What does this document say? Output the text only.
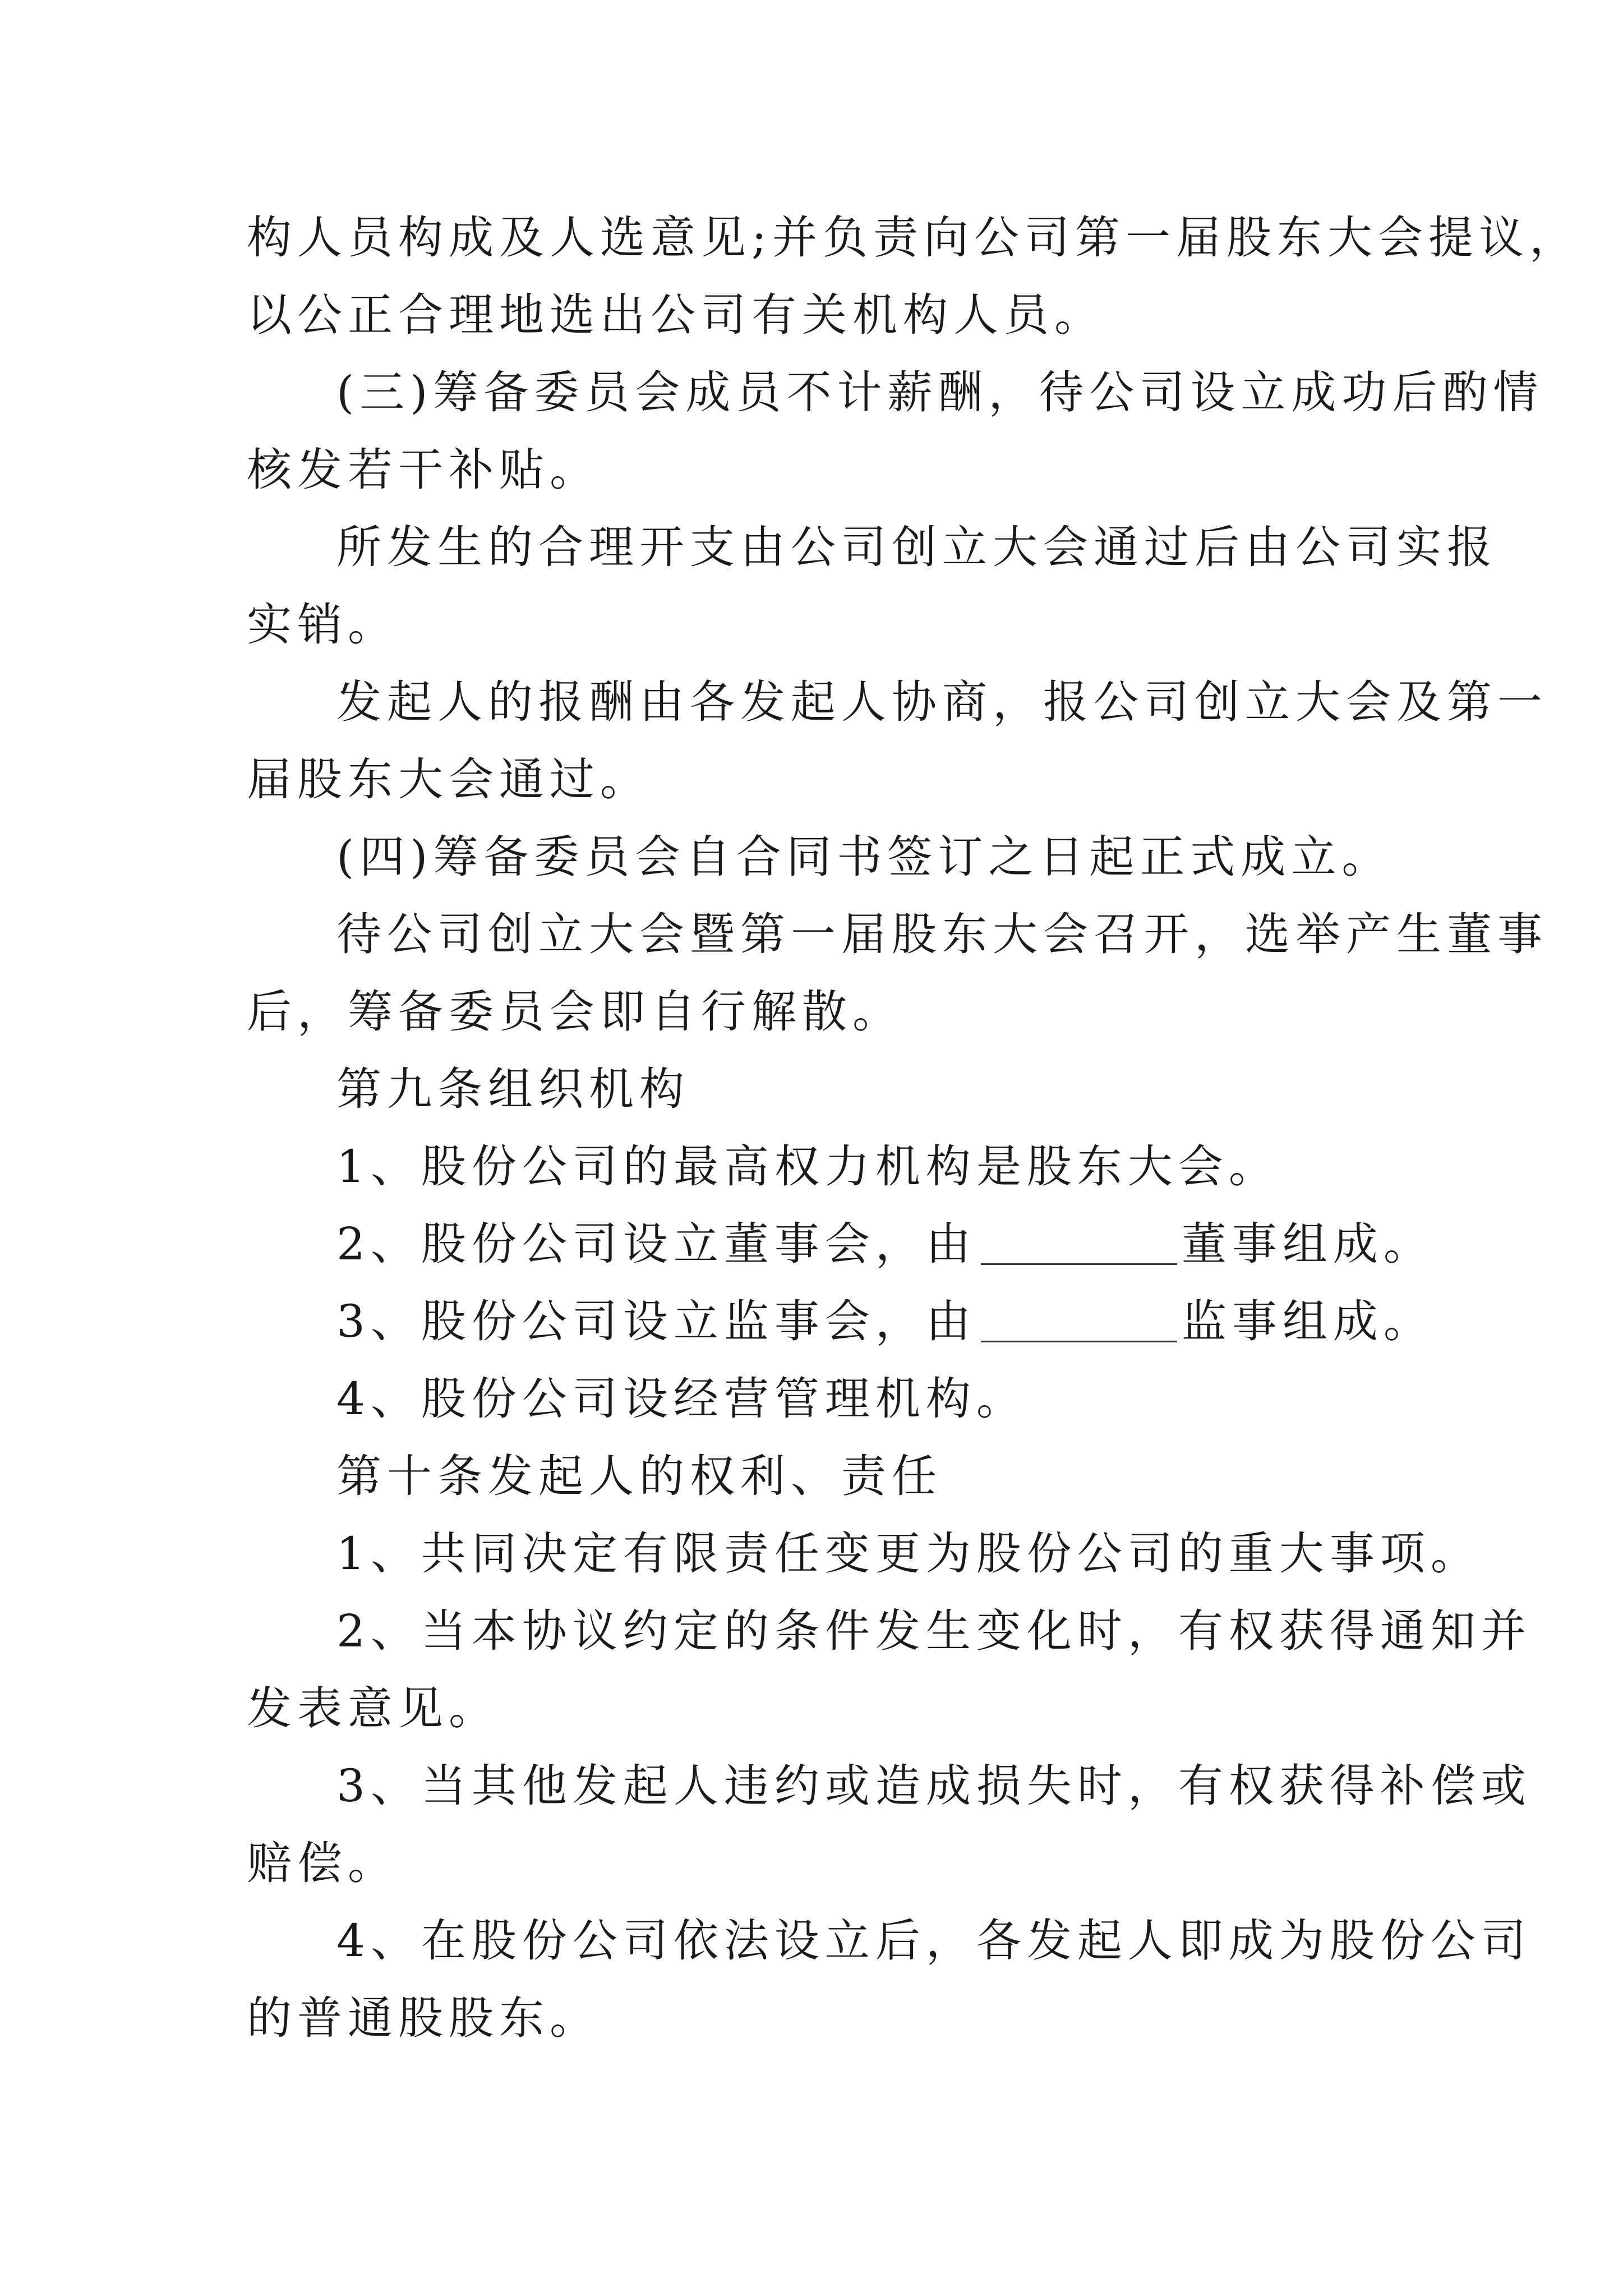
构人员构成及人选意见;并负责向公司第一届股东大会提议，

以公正合理地选出公司有关机构人员。

(三)筹备委员会成员不计薪酬，待公司设立成功后酌情

核发若干补贴。

所发生的合理开支由公司创立大会通过后由公司实报

实销。

发起人的报酬由各发起人协商，报公司创立大会及第一

届股东大会通过。

(四)筹备委员会自合同书签订之日起正式成立。

待公司创立大会暨第一届股东大会召开，选举产生董事

后，筹备委员会即自行解散。

第九条组织机构

1、股份公司的最高权力机构是股东大会。

2、股份公司设立董事会，由	董事组成。

3、股份公司设立监事会，由	监事组成。

4、股份公司设经营管理机构。

第十条发起人的权利、责任

1、共同决定有限责任变更为股份公司的重大事项。

2、当本协议约定的条件发生变化时，有权获得通知并

发表意见。

3、当其他发起人违约或造成损失时，有权获得补偿或

赔偿。

4、在股份公司依法设立后，各发起人即成为股份公司

的普通股股东。
